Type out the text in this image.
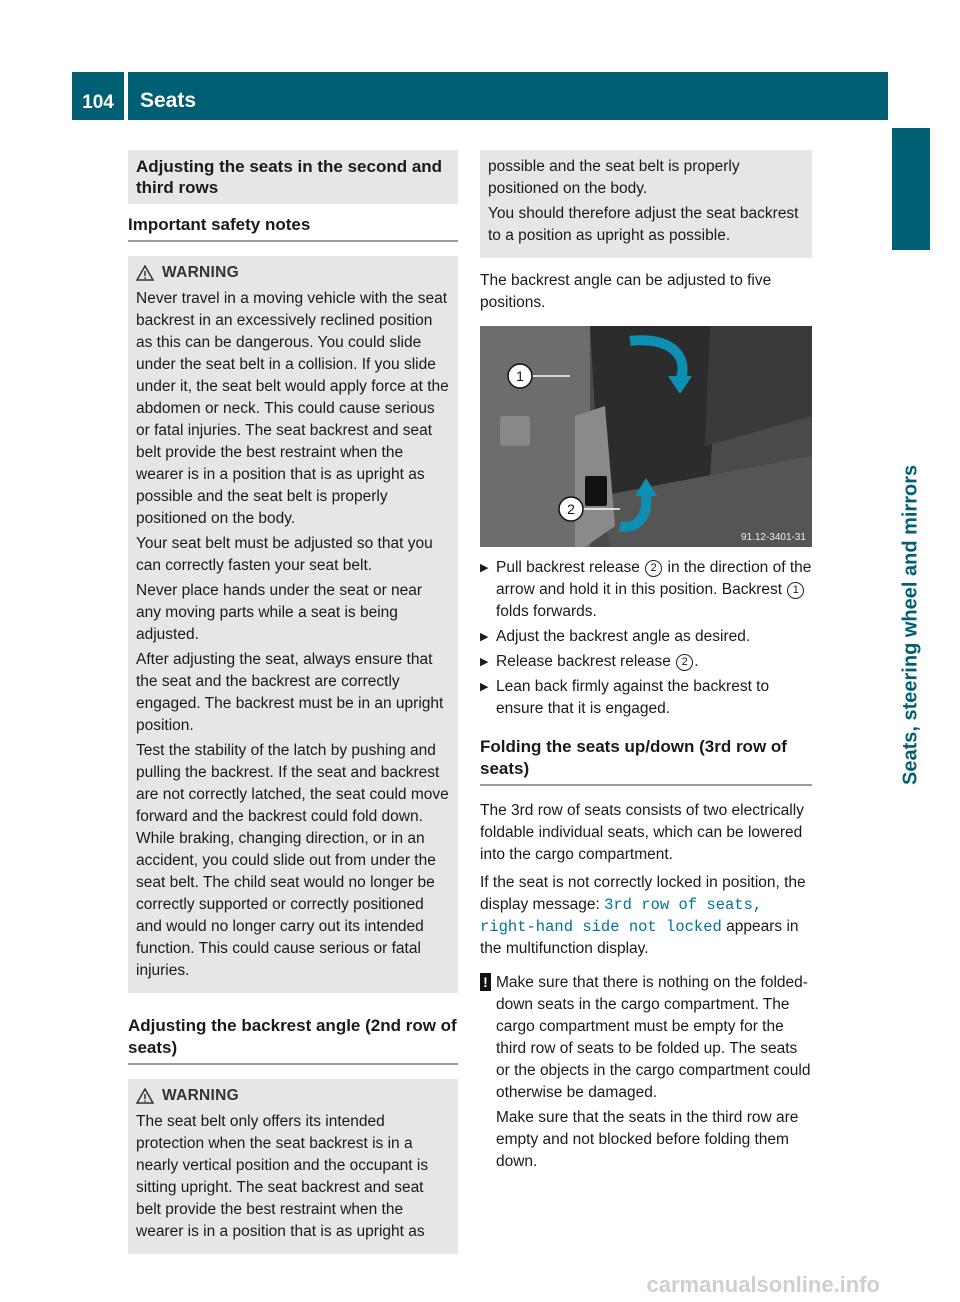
104	Seats
Seats, steering wheel and mirrors
Adjusting the seats in the second and third rows
Important safety notes
WARNING

Never travel in a moving vehicle with the seat backrest in an excessively reclined position as this can be dangerous. You could slide under the seat belt in a collision. If you slide under it, the seat belt would apply force at the abdomen or neck. This could cause serious or fatal injuries. The seat backrest and seat belt provide the best restraint when the wearer is in a position that is as upright as possible and the seat belt is properly positioned on the body.

Your seat belt must be adjusted so that you can correctly fasten your seat belt.

Never place hands under the seat or near any moving parts while a seat is being adjusted.

After adjusting the seat, always ensure that the seat and the backrest are correctly engaged. The backrest must be in an upright position.

Test the stability of the latch by pushing and pulling the backrest. If the seat and backrest are not correctly latched, the seat could move forward and the backrest could fold down. While braking, changing direction, or in an accident, you could slide out from under the seat belt. The child seat would no longer be correctly supported or correctly positioned and would no longer carry out its intended function. This could cause serious or fatal injuries.

Adjusting the backrest angle (2nd row of seats)
WARNING

The seat belt only offers its intended protection when the seat backrest is in a nearly vertical position and the occupant is sitting upright. The seat backrest and seat belt provide the best restraint when the wearer is in a position that is as upright as

possible and the seat belt is properly positioned on the body.

You should therefore adjust the seat backrest to a position as upright as possible.

The backrest angle can be adjusted to five positions.

1
2
91.12-3401-31
▶ Pull backrest release 2 in the direction of the arrow and hold it in this position. Backrest 1 folds forwards.
▶ Adjust the backrest angle as desired.
▶ Release backrest release 2 .
▶ Lean back firmly against the backrest to ensure that it is engaged.
Folding the seats up/down (3rd row of seats)

The 3rd row of seats consists of two electrically foldable individual seats, which can be lowered into the cargo compartment.

If the seat is not correctly locked in position, the display message: 3rd row of seats, right-hand side not locked appears in the multifunction display.

! Make sure that there is nothing on the folded-down seats in the cargo compartment. The cargo compartment must be empty for the third row of seats to be folded up. The seats or the objects in the cargo compartment could otherwise be damaged.

Make sure that the seats in the third row are empty and not blocked before folding them down.

carmanualsonline.info
